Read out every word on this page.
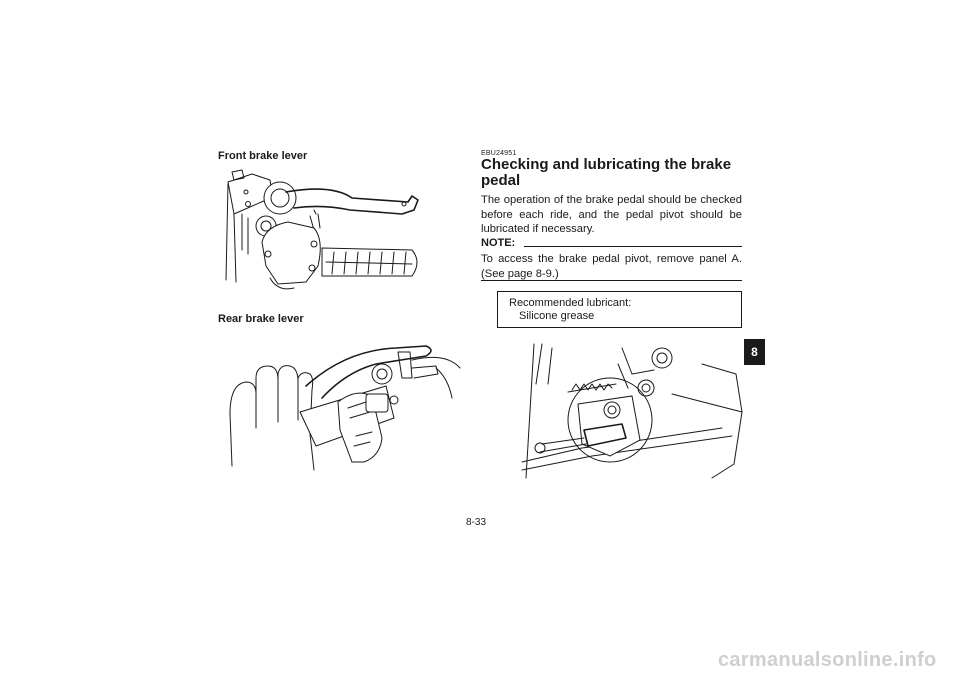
Front brake lever
Rear brake lever
EBU24951
Checking and lubricating the brake
pedal
The operation of the brake pedal should be checked before each ride, and the pedal pivot should be lubricated if necessary.
NOTE:
To access the brake pedal pivot, remove panel A. (See page 8-9.)
Recommended lubricant:
Silicone grease
8
8-33
carmanualsonline.info
